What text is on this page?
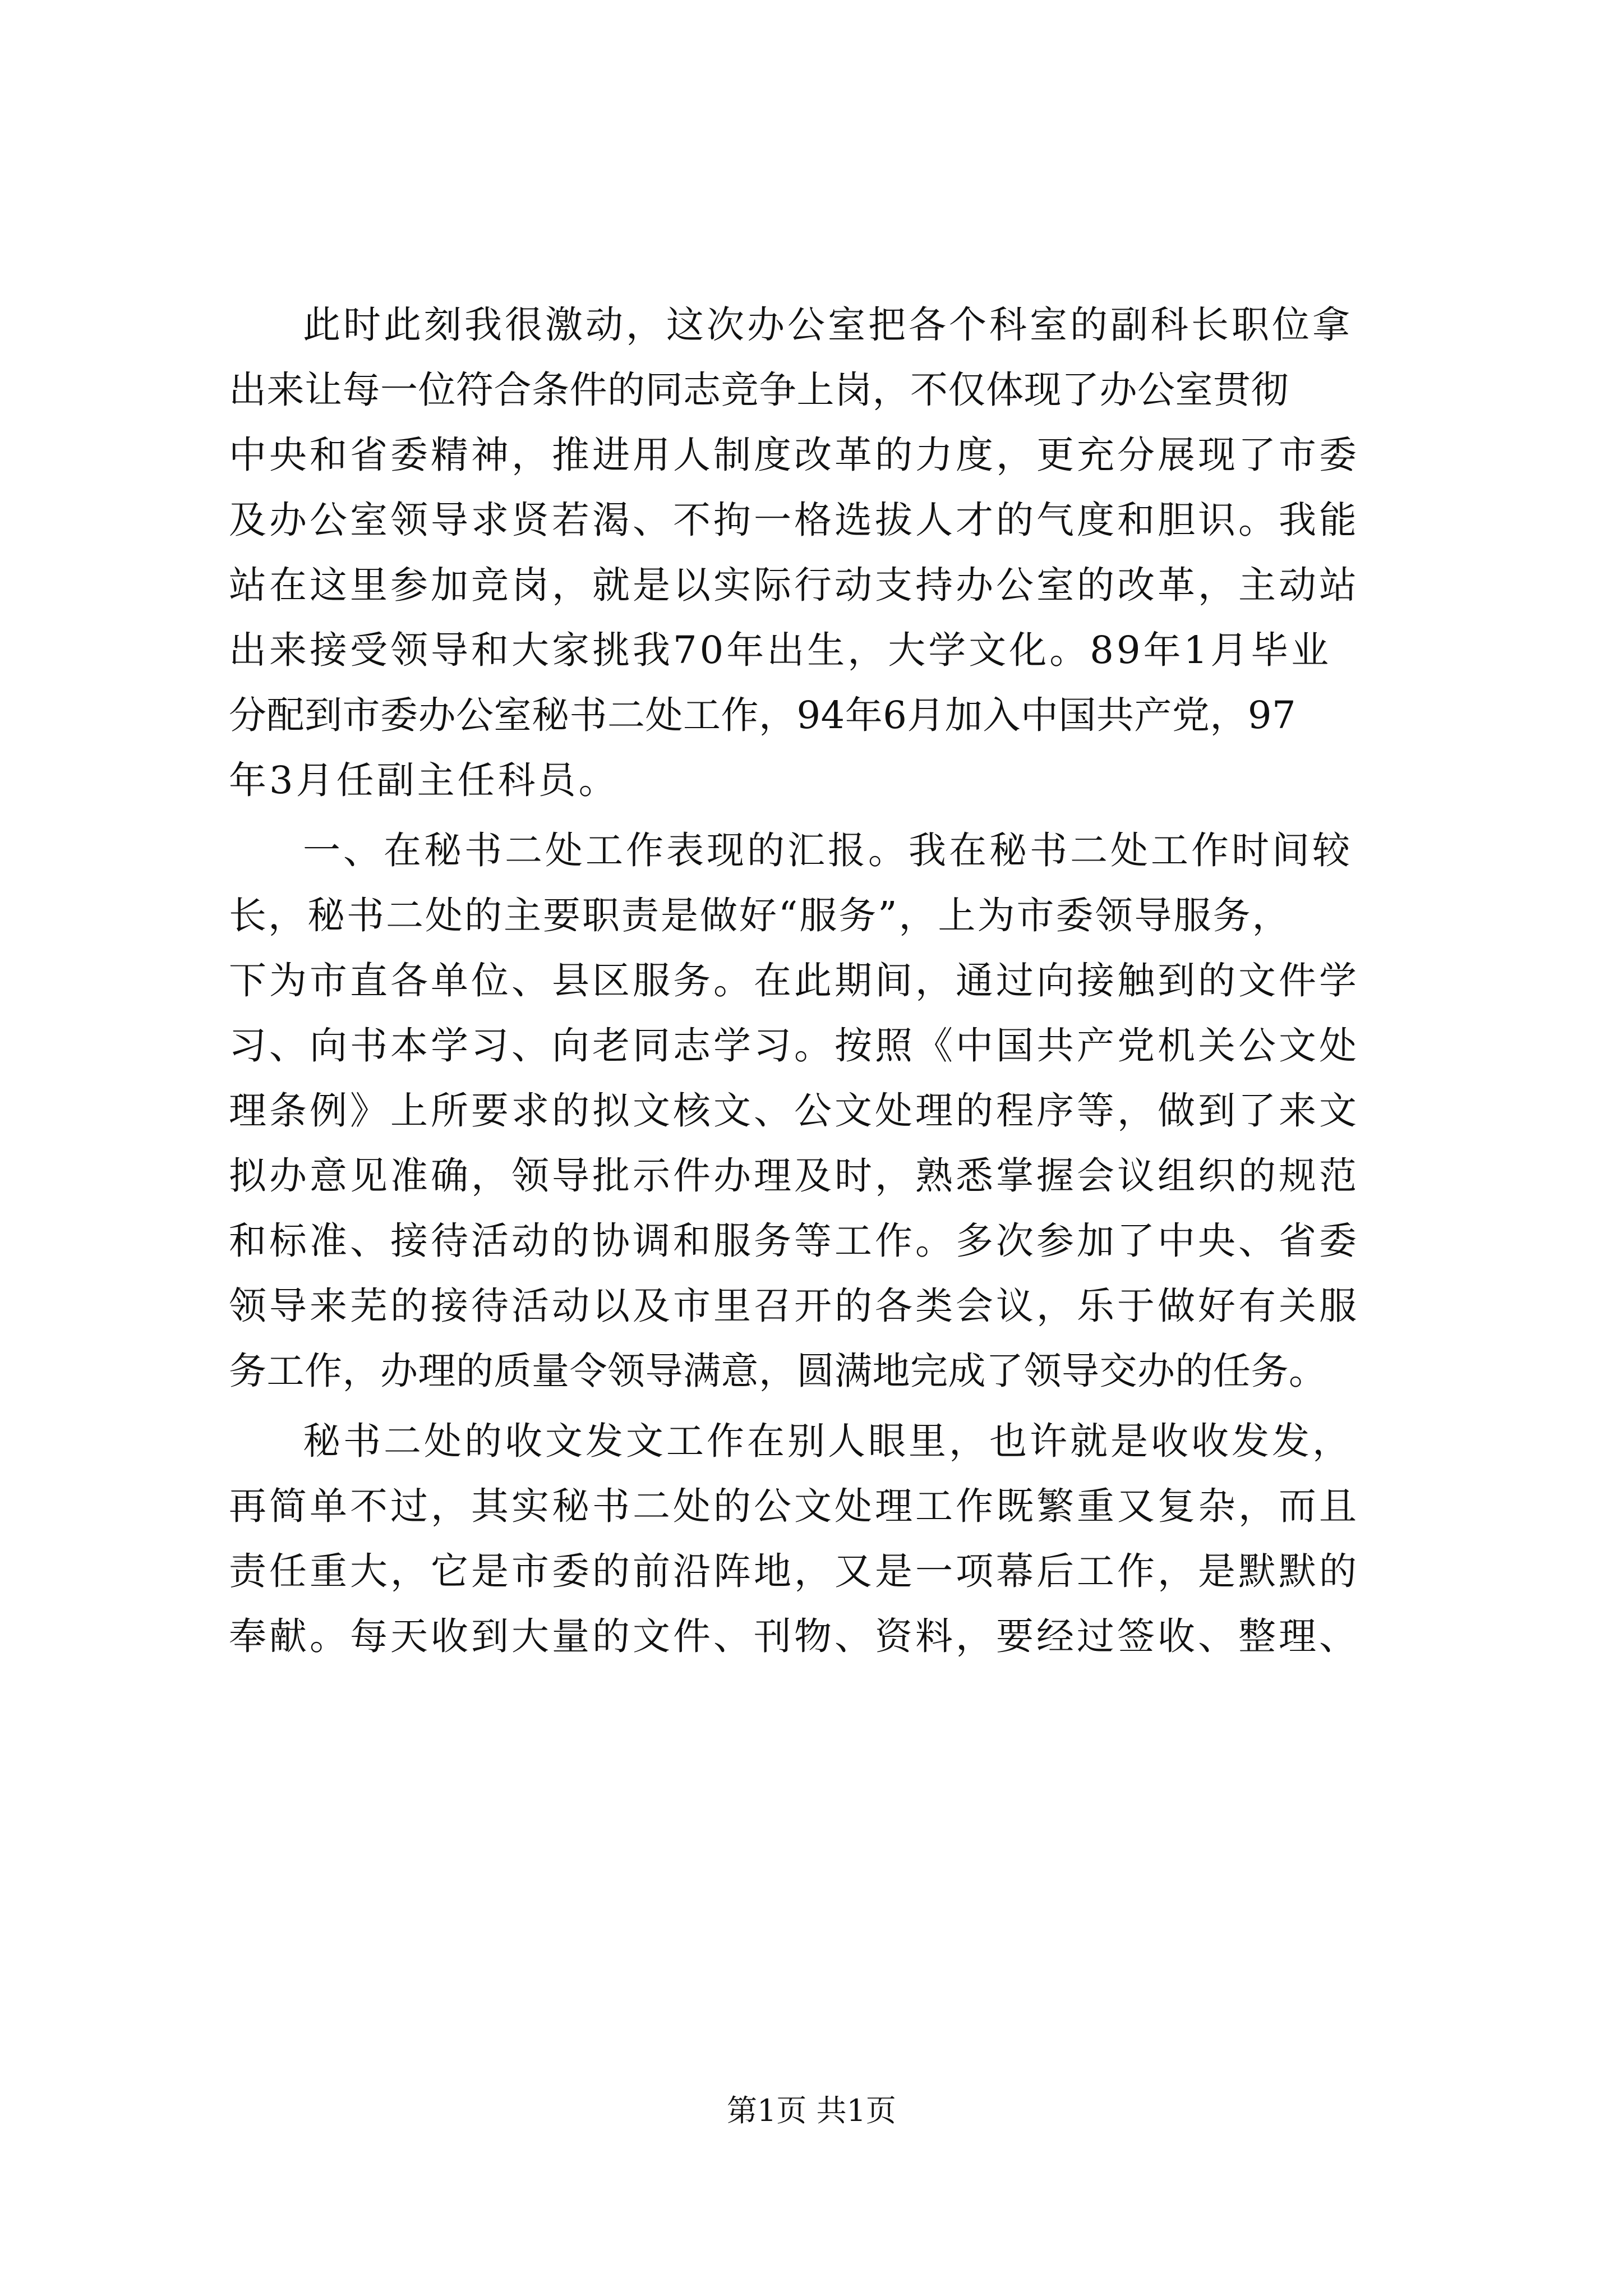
此时此刻我很激动，这次办公室把各个科室的副科长职位拿
出来让每一位符合条件的同志竞争上岗，不仅体现了办公室贯彻
中央和省委精神，推进用人制度改革的力度，更充分展现了市委
及办公室领导求贤若渴、不拘一格选拔人才的气度和胆识。我能
站在这里参加竞岗，就是以实际行动支持办公室的改革，主动站
出来接受领导和大家挑我70年出生，大学文化。89年1月毕业
分配到市委办公室秘书二处工作，94年6月加入中国共产党，97
年3月任副主任科员。
一、在秘书二处工作表现的汇报。我在秘书二处工作时间较
长，秘书二处的主要职责是做好“服务”，上为市委领导服务，
下为市直各单位、县区服务。在此期间，通过向接触到的文件学
习、向书本学习、向老同志学习。按照《中国共产党机关公文处
理条例》上所要求的拟文核文、公文处理的程序等，做到了来文
拟办意见准确，领导批示件办理及时，熟悉掌握会议组织的规范
和标准、接待活动的协调和服务等工作。多次参加了中央、省委
领导来芜的接待活动以及市里召开的各类会议，乐于做好有关服
务工作，办理的质量令领导满意，圆满地完成了领导交办的任务。
秘书二处的收文发文工作在别人眼里，也许就是收收发发，
再简单不过，其实秘书二处的公文处理工作既繁重又复杂，而且
责任重大，它是市委的前沿阵地，又是一项幕后工作，是默默的
奉献。每天收到大量的文件、刊物、资料，要经过签收、整理、
第1页 共1页
